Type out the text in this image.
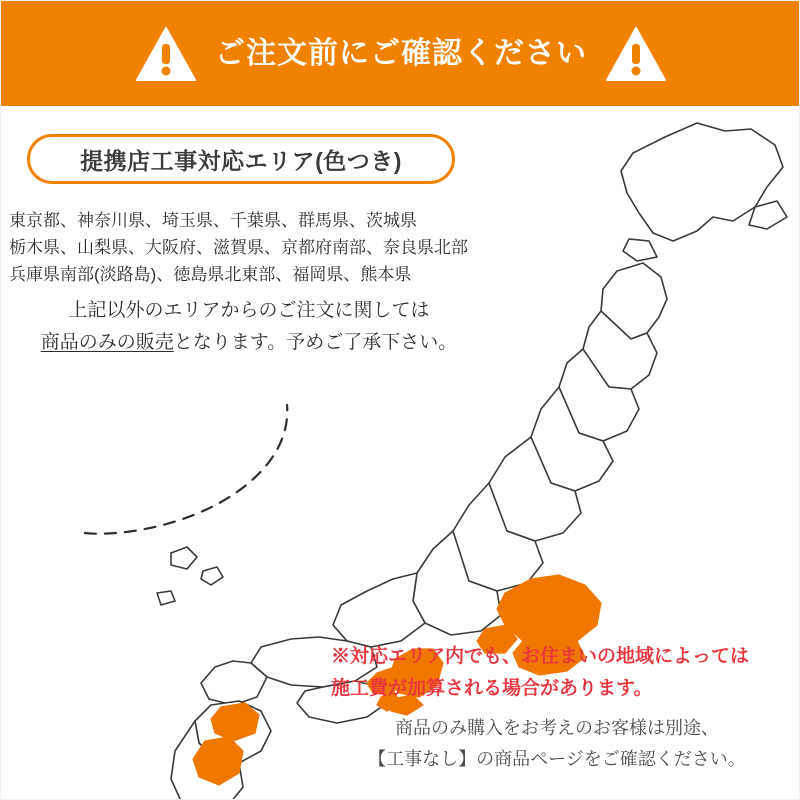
ご注文前にご確認ください
提携店工事対応エリア(色つき)
東京都、神奈川県、埼玉県、千葉県、群馬県、茨城県
栃木県、山梨県、大阪府、滋賀県、京都府南部、奈良県北部
兵庫県南部(淡路島)、徳島県北東部、福岡県、熊本県
上記以外のエリアからのご注文に関しては
商品のみの販売となります。予めご了承下さい。
※対応エリア内でも、お住まいの地域によっては
施工費が加算される場合があります。
商品のみ購入をお考えのお客様は別途、
【工事なし】の商品ページをご確認ください。
